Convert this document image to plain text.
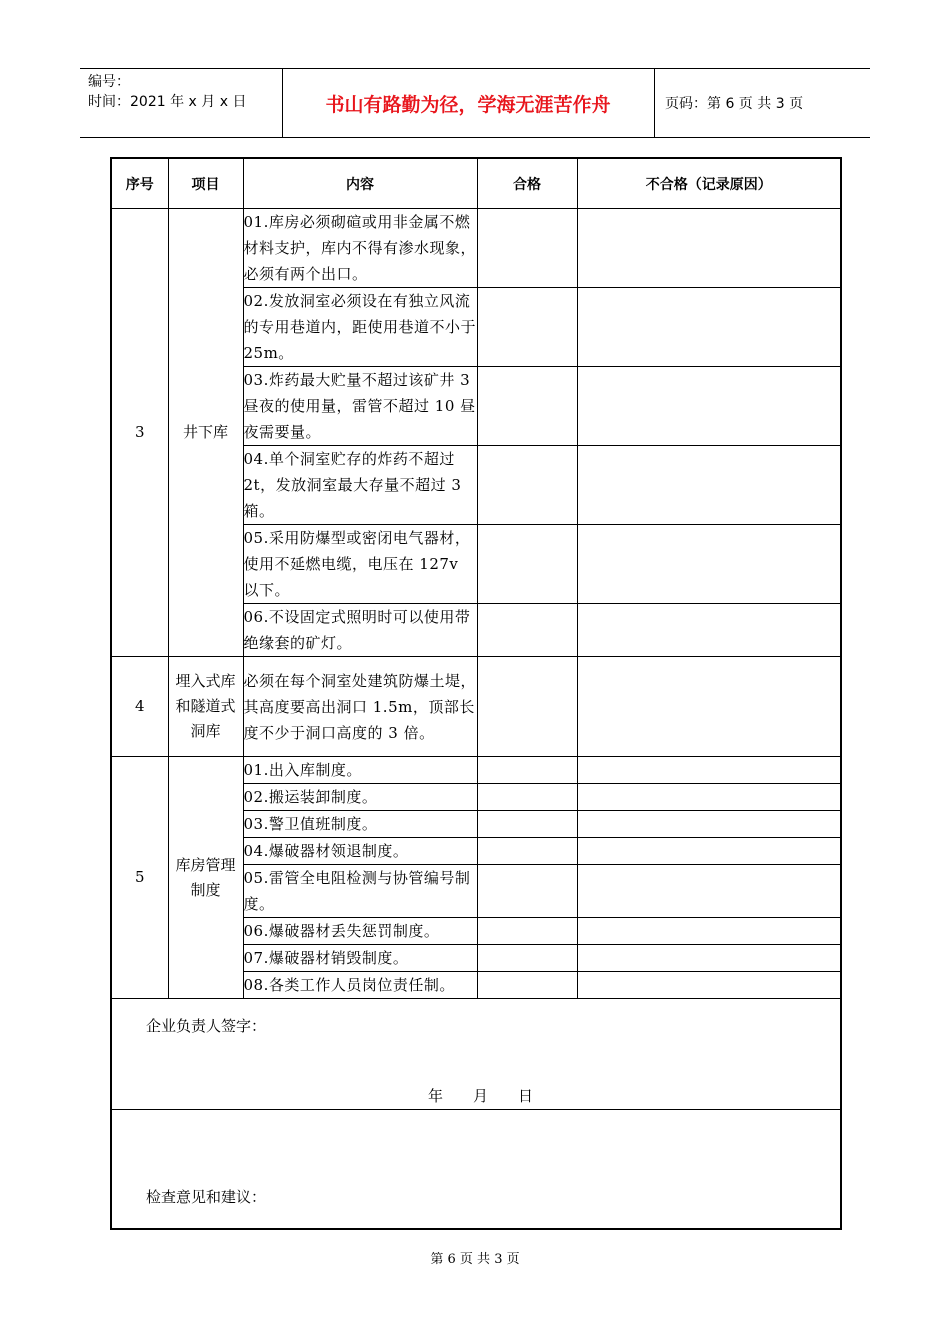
编号：
时间：2021 年 x 月 x 日	书山有路勤为径，学海无涯苦作舟	页码：第 6 页 共 3 页
序号	项目	内容	合格	不合格（记录原因）
3	井下库	01.库房必须砌碹或用非金属不燃材料支护，库内不得有渗水现象，必须有两个出口。		
		02.发放洞室必须设在有独立风流的专用巷道内，距使用巷道不小于 25m。		
		03.炸药最大贮量不超过该矿井 3 昼夜的使用量，雷管不超过 10 昼夜需要量。		
		04.单个洞室贮存的炸药不超过 2t，发放洞室最大存量不超过 3 箱。		
		05.采用防爆型或密闭电气器材，使用不延燃电缆，电压在 127v 以下。		
		06.不设固定式照明时可以使用带绝缘套的矿灯。		
4	埋入式库和隧道式洞库	必须在每个洞室处建筑防爆土堤，其高度要高出洞口 1.5m，顶部长度不少于洞口高度的 3 倍。		
5	库房管理制度	01.出入库制度。		
		02.搬运装卸制度。		
		03.警卫值班制度。		
		04.爆破器材领退制度。		
		05.雷管全电阻检测与协管编号制度。		
		06.爆破器材丢失惩罚制度。		
		07.爆破器材销毁制度。		
		08.各类工作人员岗位责任制。		

企业负责人签字：
年 月 日				

检查意见和建议：				
第 6 页 共 3 页
